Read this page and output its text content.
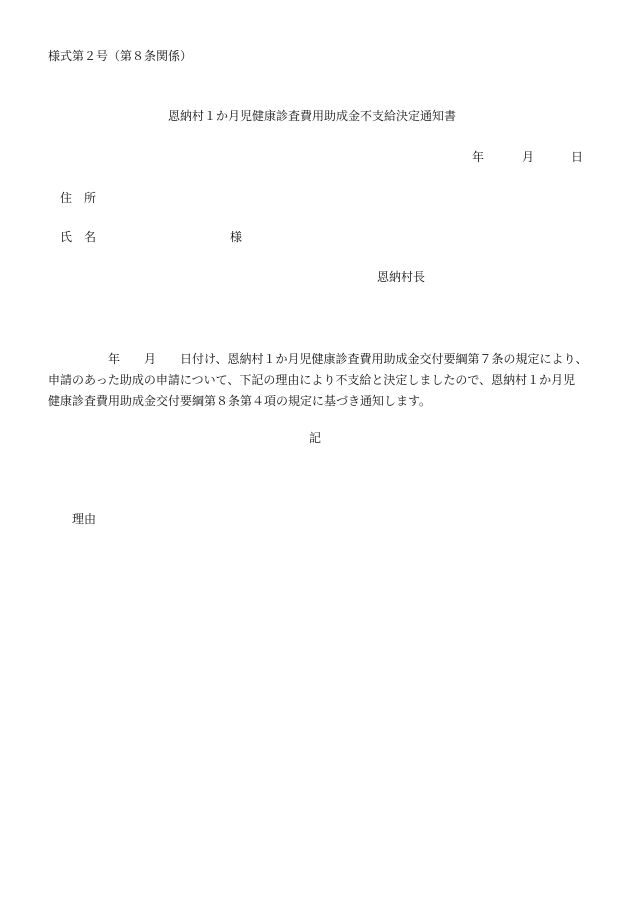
様式第２号（第８条関係）
恩納村１か月児健康診査費用助成金不支給決定通知書
年	月	日
住　所
氏　名	様
恩納村長
年 月 日付け、恩納村１か月児健康診査費用助成金交付要綱第７条の規定により、
申請のあった助成の申請について、下記の理由により不支給と決定しましたので、恩納村１か月児
健康診査費用助成金交付要綱第８条第４項の規定に基づき通知します。
記
理由
